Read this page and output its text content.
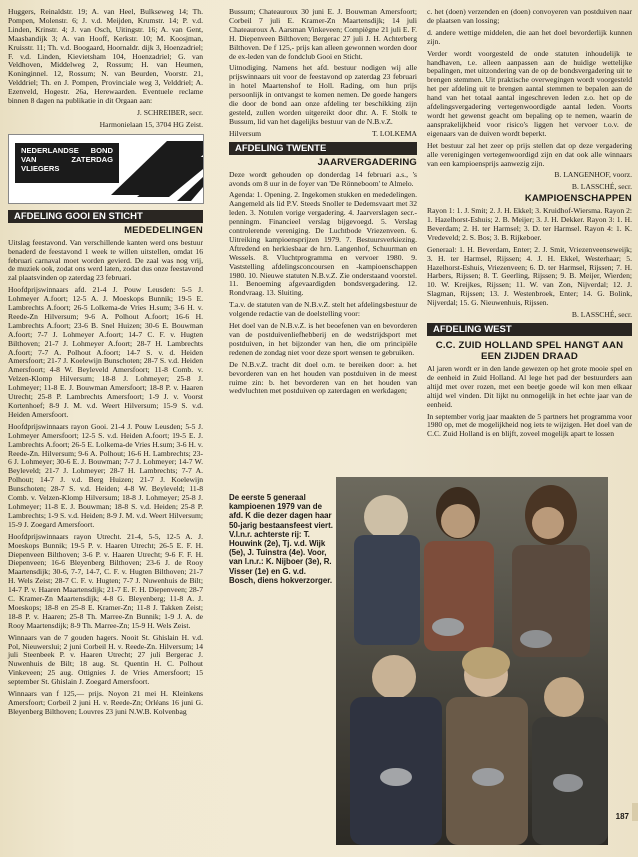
Huggers, Reinaldstr. 19; A. van Heel, Bulkseweg 14; Th. Pompen, Molenstr. 6; J. v.d. Meijden, Krumstr. 14; P. v.d. Linden, Krinstr. 4; J. van Osch, Uitingstr. 16; A. van Gent, Maasbandijk 3; A. van Hooff, Kerkstr. 10; M. Koosjman, Kruisstr. 11; Th. v.d. Boogaard, Hoornaldr. dijk 3, Hoenzadriel; F. v.d. Linden, Kievietsham 104, Hoenzadriel; G. van Veldhoven, Middelweg 2, Rossum; H. van Heumen, Koninginnel. 12, Rossum; N. van Beurden, Voorstr. 21, Velddriel; Th. en J. Pompen, Provinciale weg 3, Velddriel; A. Ezenveld, Hogestr. 26a, Herewaarden. Eventuele reclame binnen 8 dagen na publikatie in dit Orgaan aan:

J. SCHREIBER, secr.

Harmonielaan 15, 3704 HG Zeist.

NEDERLANDSE BOND VAN ZATERDAG VLIEGERS
AFDELING GOOI EN STICHT
MEDEDELINGEN

Uitslag feestavond. Van verschillende kanten werd ons bestuur benaderd de feestavond 1 week te willen uitstellen, omdat 16 februari carnaval moet worden gevierd. De zaal was nog vrij, de muziek ook, zodat ons werd laten, zodat dus onze feestavond zal plaatsvinden op zaterdag 23 februari.

Hoofdprijswinnaars afd. 21-4 J. Pouw Leusden: 5-5 J. Lohmeyer A.foort; 12-5 A. J. Moeskops Bunnik; 19-5 E. Lambrechts A.foort; 26-5 Lolkema-de Vries H.sum; 3-6 H. v. Reede-Zn Hilversum; 9-6 A. Polhout A.foort; 16-6 H. Lambrechts A.foort; 23-6 B. Snel Huizen; 30-6 E. Bouwman A.foort; 7-7 J. Lohmeyer A.foort; 14-7 C. F. v. Hugten Bilthoven; 21-7 J. Lohmeyer A.foort; 28-7 H. Lambrechts A.foort; 7-7 A. Polhout A.foort; 14-7 S. v. d. Heiden Amersfoort; 21-7 J. Koelewijn Bunschoten; 28-7 S. v.d. Heiden Amersfoort; 4-8 W. Beyleveld Amersfoort; 11-8 Comb. v. Velzen-Klomp Hilversum; 18-8 J. Lohmeyer; 25-8 J. Lohmeyer; 11-8 E. J. Bouwman Amersfoort; 18-8 P. v. Haaren Utrecht; 25-8 P. Lambrechts Amersfoort; 1-9 J. v. Voorst Kortenhoef; 8-9 J. M. v.d. Weert Hilversum; 15-9 S. v.d. Heiden Amersfoort.

Hoofdprijswinnaars rayon Gooi. 21-4 J. Pouw Leusden; 5-5 J. Lohmeyer Amersfoort; 12-5 S. v.d. Heiden A.foort; 19-5 E. J. Lambrechts A.foort; 26-5 E. Lolkema-de Vries H.sum; 3-6 H. v. Reede-Zn. Hilversum; 9-6 A. Polhout; 16-6 H. Lambrechts; 23-6 J. Lohmeyer; 30-6 E. J. Bouwman; 7-7 J. Lohmeyer; 14-7 W. Beyleveld; 21-7 J. Lohmeyer; 28-7 H. Lambrechts; 7-7 A. Polhout; 14-7 J. v.d. Berg Huizen; 21-7 J. Koelewijn Bunschoten; 28-7 S. v.d. Heiden; 4-8 W. Beyleveld; 11-8 Comb. v. Velzen-Klomp Hilversum; 18-8 J. Lohmeyer; 25-8 J. Lohmeyer; 11-8 E. J. Bouwman; 18-8 S. v.d. Heiden; 25-8 P. Lambrechts; 1-9 S. v.d. Heiden; 8-9 J. M. v.d. Weert Hilversum; 15-9 J. Zoegard Amersfoort.

Hoofdprijswinnaars rayon Utrecht. 21-4, 5-5, 12-5 A. J. Moeskops Bunnik; 19-5 P. v. Haaren Utrecht; 26-5 E. F. H. Diepenveen Bilthoven; 3-6 P. v. Haaren Utrecht; 9-6 F. F. H. Diepenveen; 16-6 Bleyenberg Bilthoven; 23-6 J. de Rooy Maartensdijk; 30-6, 7-7, 14-7, C. F. v. Hugten Bilthoven; 21-7 H. Wels Zeist; 28-7 C. F. v. Hugten; 7-7 J. Nuwenhuis de Bilt; 14-7 P. v. Haaren Maartensdijk; 21-7 E. F. H. Diepenveen; 28-7 C. Kramer-Zn Maartensdijk; 4-8 G. Bleyenberg; 11-8 A. J. Moeskops; 18-8 en 25-8 E. Kramer-Zn; 11-8 J. Takken Zeist; 18-8 P. v. Haaren; 25-8 Th. Marree-Zn Bunnik; 1-9 J. A. de Rooy Maartensdijk; 8-9 Th. Marree-Zn; 15-9 H. Wels Zeist.

Winnaars van de 7 gouden hagers. Nooit St. Ghislain H. v.d. Pol, Nieuwerslui; 2 juni Corbeil H. v. Reede-Zn. Hilversum; 14 juli Steenbeek P. v. Haaren Utrecht; 27 juli Bergerac J. Nuwenhuis de Bilt; 18 aug. St. Quentin H. C. Polhout Vinkeveen; 25 aug. Ottignies J. de Vries Amersfoort; 15 september St. Ghislain J. Zoegard Amersfoort.

Winnaars van f 125,— prijs. Noyon 21 mei H. Kleinkens Amersfoort; Corbeil 2 juni H. v. Reede-Zn; Orléans 16 juni G. Bleyenberg Bilthoven; Louvres 23 juni N.W.B. Kolvenbag

Bussum; Chateauroux 30 juni E. J. Bouwman Amersfoort; Corbeil 7 juli E. Kramer-Zn Maartensdijk; 14 juli Chateauroux A. Aarsman Vinkeveen; Compiègne 21 juli E. F. H. Diepenveen Bilthoven; Bergerac 27 juli J. H. Achterberg Bilthoven. De f 125,- prijs kan alleen gewonnen worden door de ex-leden van de fondclub Gooi en Sticht.

Uitnodiging. Namens het afd. bestuur nodigen wij alle prijswinnaars uit voor de feestavond op zaterdag 23 februari in hotel Maartenshof te Holl. Rading, om hun prijs persoonlijk in ontvangst te komen nemen. De goede hangers die door de bond aan onze afdeling ter beschikking zijn gesteld, zullen worden uitgereikt door dhr. A. F. Stolk te Bussum, lid van het dagelijks bestuur van de N.B.v.Z.

Hilversum	T. LOLKEMA

AFDELING TWENTE
JAARVERGADERING

Deze wordt gehouden op donderdag 14 februari a.s., 's avonds om 8 uur in de foyer van 'De Rönneboom' te Almelo.

Agenda: 1. Opening. 2. Ingekomen stukken en mededelingen. Aangemeld als lid P.V. Steeds Snoller te Dedemsvaart met 32 leden. 3. Notulen vorige vergadering. 4. Jaarverslagen secr.-penningm. Financieel verslag bijgevoegd. 5. Verslag controlerende vereniging. De Luchtbode Vriezenveen. 6. Uitreiking kampioensprijzen 1979. 7. Bestuursverkiezing. Aftredend en herkiesbaar de hrn. Langenhof, Schuurman en Wessels. 8. Vluchtprogramma en vervoer 1980. 9. Vaststelling afdelingsconcoursen en -kampioenschappen 1980. 10. Nieuwe statuten N.B.v.Z. Zie onderstaand voorstel. 11. Benoeming afgevaardigden bondsvergadering. 12. Rondvraag. 13. Sluiting.

T.a.v. de statuten van de N.B.v.Z. stelt het afdelingsbestuur de volgende redactie van de doelstelling voor:

Het doel van de N.B.v.Z. is het beoefenen van en bevorderen van de postduivenliefhebberij en de wedstrijdsport met postduiven, in het bijzonder van hen, die om principiële redenen de zondag niet voor deze sport wensen te gebruiken.

De N.B.v.Z. tracht dit doel o.m. te bereiken door: a. het bevorderen van en het houden van postduiven in de meest ruime zin: b. het bevorderen van en het houden van wedvluchten met postduiven op zaterdagen en werkdagen;

De eerste 5 generaal kampioenen 1979 van de afd. K die dezer dagen haar 50-jarig bestaansfeest viert. V.l.n.r. achterste rij: T. Houwink (2e), Tj. v.d. Wijk (5e), J. Tuinstra (4e). Voor, van l.n.r.: K. Nijboer (3e), R. Visser (1e) en G. v.d. Bosch, diens hokverzorger.

c. het (doen) verzenden en (doen) convoyeren van postduiven naar de plaatsen van lossing;

d. andere wettige middelen, die aan het doel bevorderlijk kunnen zijn.

Verder wordt voorgesteld de onde statuten inhoudelijk te handhaven, t.e. alleen aanpassen aan de huidige wettelijke bepalingen, met uitzondering van de op de bondsvergadering uit te brengen stemmen. Uit praktische overwegingen wordt voorgesteld het per afdeling uit te brengen aantal stemmen te bepalen aan de hand van het totaal aantal ingeschreven leden z.o. het op de afdelingsvergadering vertegenwoordigde aantal leden. Voorts wordt het gewenst geacht om bepaling op te nemen, waarin de aansprakelijkheid voor risico's liggen het vervoer t.o.v. de eigenaars van de duiven wordt beperkt.

Het bestuur zal het zeer op prijs stellen dat op deze vergadering alle verenigingen vertegenwoordigd zijn en dat ook alle winnaars van een kampioensprijs aanwezig zijn.

B. LANGENHOF, voorz.

B. LASSCHÉ, secr.

KAMPIOENSCHAPPEN

Rayon 1: 1. J. Smit; 2. J. H. Ekkel; 3. Kruidhof-Wiersma. Rayon 2: 1. Hazelhorst-Eshuis; 2. B. Meijer; 3. J. H. Dekker. Rayon 3: 1. H. Beverdam; 2. H. ter Harmsel; 3. D. ter Harmsel. Rayon 4: 1. K. Vredeveld; 2. S. Bos; 3. B. Rijkeboer.

Generaal: 1. H. Beverdam, Enter; 2. J. Smit, Vriezenveenseweijk; 3. H. ter Harmsel, Rijssen; 4. J. H. Ekkel, Westerhaar; 5. Hazelhorst-Eshuis, Vriezenveen; 6. D. ter Harmsel, Rijssen; 7. H. Harbers, Rijssen; 8. T. Geerling, Rijssen; 9. B. Meijer, Wierden; 10. W. Kreijkes, Rijssen; 11. W. van Zon, Nijverdal; 12. J. Slagman, Rijssen; 13. J. Westenbroek, Enter; 14. G. Bolink, Nijverdal; 15. G. Nieuwenhuis, Rijssen.

B. LASSCHÉ, secr.

AFDELING WEST
C.C. ZUID HOLLAND SPEL HANGT AAN EEN ZIJDEN DRAAD

Al jaren wordt er in den lande gewezen op het grote mooie spel en de eenheid in Zuid Holland. Al lege het pad der bestuurders aan altijd met over rozen, met een beetje goede wil kon men elkaar altijd wel vinden. Dit lijkt nu onmogelijk in het echte jaar van de eenheid.

In september vorig jaar maakten de 5 partners het programma voor 1980 op, met de mogelijkheid nog iets te wijzigen. Het doel van de C.C. Zuid Holland is en blijft, zoveel mogelijk apart te lossen

187
